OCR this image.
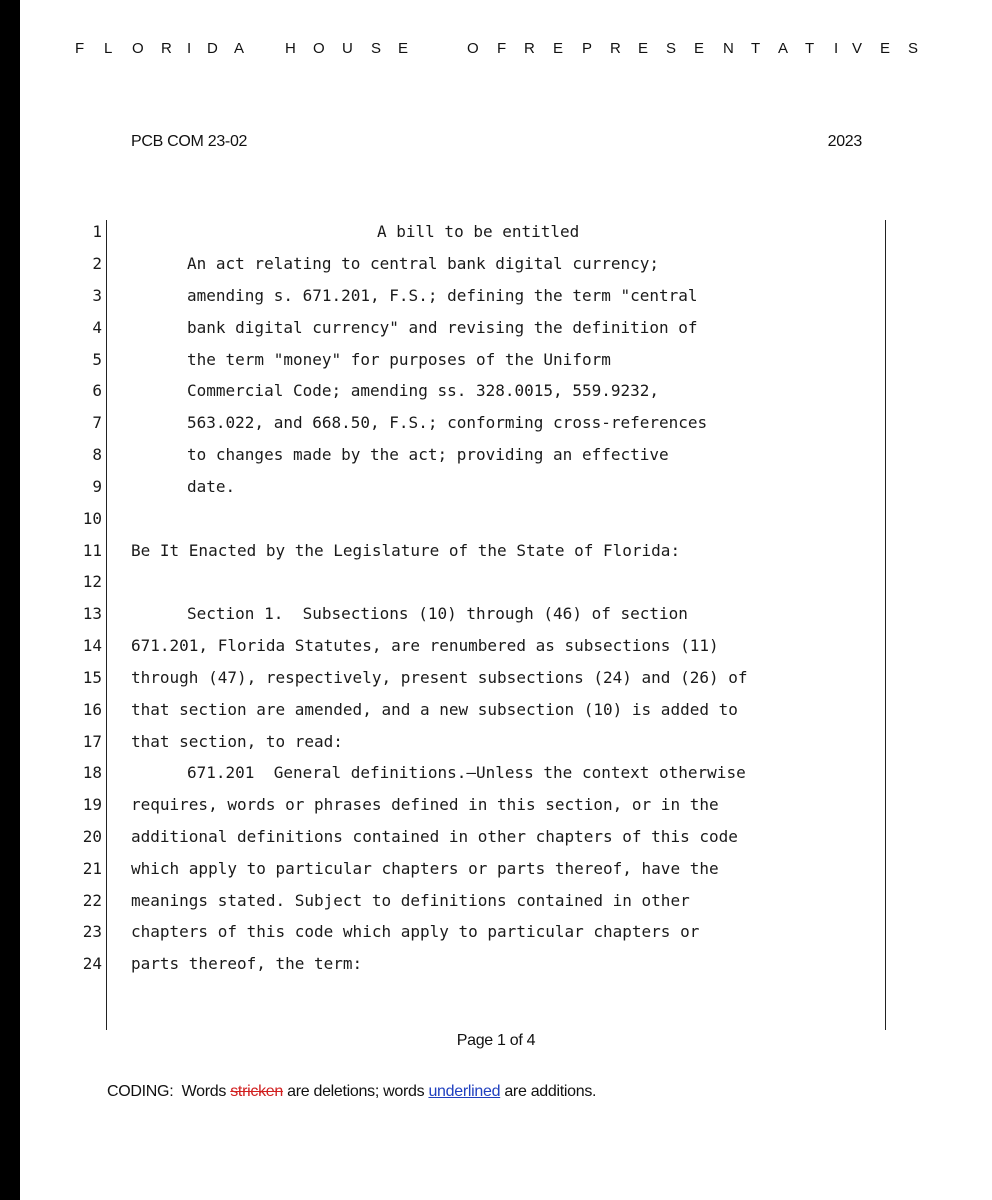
F L O R I D A	H O U S E	O F R E P R E S E N T A T I V E S
PCB COM 23-02	2023
1	A bill to be entitled
2	An act relating to central bank digital currency;
3	amending s. 671.201, F.S.; defining the term "central
4	bank digital currency" and revising the definition of
5	the term "money" for purposes of the Uniform
6	Commercial Code; amending ss. 328.0015, 559.9232,
7	563.022, and 668.50, F.S.; conforming cross-references
8	to changes made by the act; providing an effective
9	date.
10
11 Be It Enacted by the Legislature of the State of Florida:
12
13	Section 1.  Subsections (10) through (46) of section
14 671.201, Florida Statutes, are renumbered as subsections (11)
15 through (47), respectively, present subsections (24) and (26) of
16 that section are amended, and a new subsection (10) is added to
17 that section, to read:
18	671.201  General definitions.—Unless the context otherwise
19 requires, words or phrases defined in this section, or in the
20 additional definitions contained in other chapters of this code
21 which apply to particular chapters or parts thereof, have the
22 meanings stated. Subject to definitions contained in other
23 chapters of this code which apply to particular chapters or
24 parts thereof, the term:
Page 1 of 4
CODING:  Words stricken are deletions; words underlined are additions.
